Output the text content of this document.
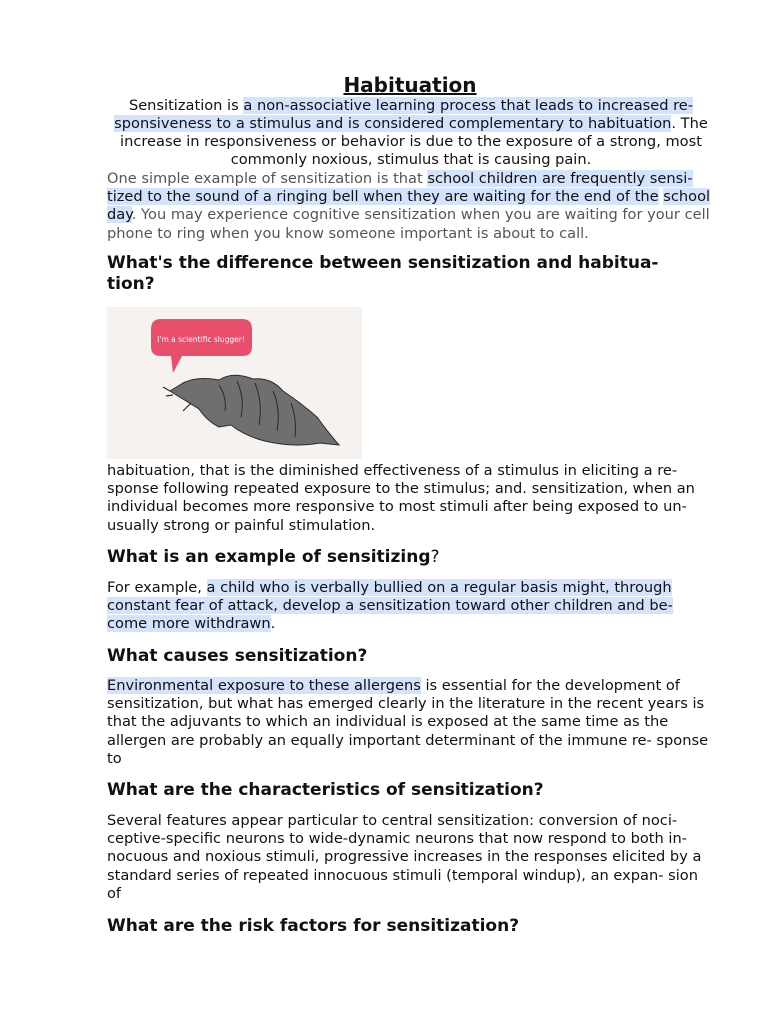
Habituation
Sensitization is a non-associative learning process that leads to increased re- sponsiveness to a stimulus and is considered complementary to habituation. The increase in responsiveness or behavior is due to the exposure of a strong, most commonly noxious, stimulus that is causing pain.
One simple example of sensitization is that school children are frequently sensi- tized to the sound of a ringing bell when they are waiting for the end of the school day. You may experience cognitive sensitization when you are waiting for your cell phone to ring when you know someone important is about to call.
What's the difference between sensitization and habitua- tion?
I'm a scientific slugger!
habituation, that is the diminished effectiveness of a stimulus in eliciting a re- sponse following repeated exposure to the stimulus; and. sensitization, when an individual becomes more responsive to most stimuli after being exposed to un- usually strong or painful stimulation.
What is an example of sensitizing?
For example, a child who is verbally bullied on a regular basis might, through constant fear of attack, develop a sensitization toward other children and be- come more withdrawn.
What causes sensitization?
Environmental exposure to these allergens is essential for the development of sensitization, but what has emerged clearly in the literature in the recent years is that the adjuvants to which an individual is exposed at the same time as the allergen are probably an equally important determinant of the immune re- sponse to
What are the characteristics of sensitization?
Several features appear particular to central sensitization: conversion of noci- ceptive-specific neurons to wide-dynamic neurons that now respond to both in- nocuous and noxious stimuli, progressive increases in the responses elicited by a standard series of repeated innocuous stimuli (temporal windup), an expan- sion of
What are the risk factors for sensitization?
